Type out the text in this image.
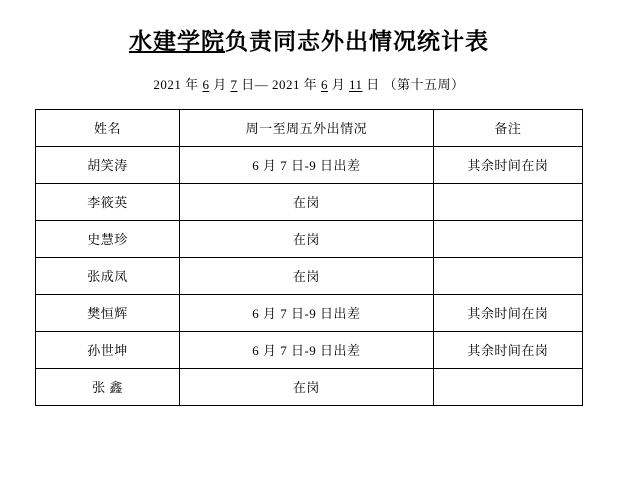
水建学院负责同志外出情况统计表
2021 年 6 月 7 日— 2021 年 6 月 11 日 （第十五周）
姓名	周一至周五外出情况	备注
胡笑涛	6 月 7 日-9 日出差	其余时间在岗
李筱英	在岗	
史慧珍	在岗	
张成凤	在岗	
樊恒辉	6 月 7 日-9 日出差	其余时间在岗
孙世坤	6 月 7 日-9 日出差	其余时间在岗
张 鑫	在岗	
